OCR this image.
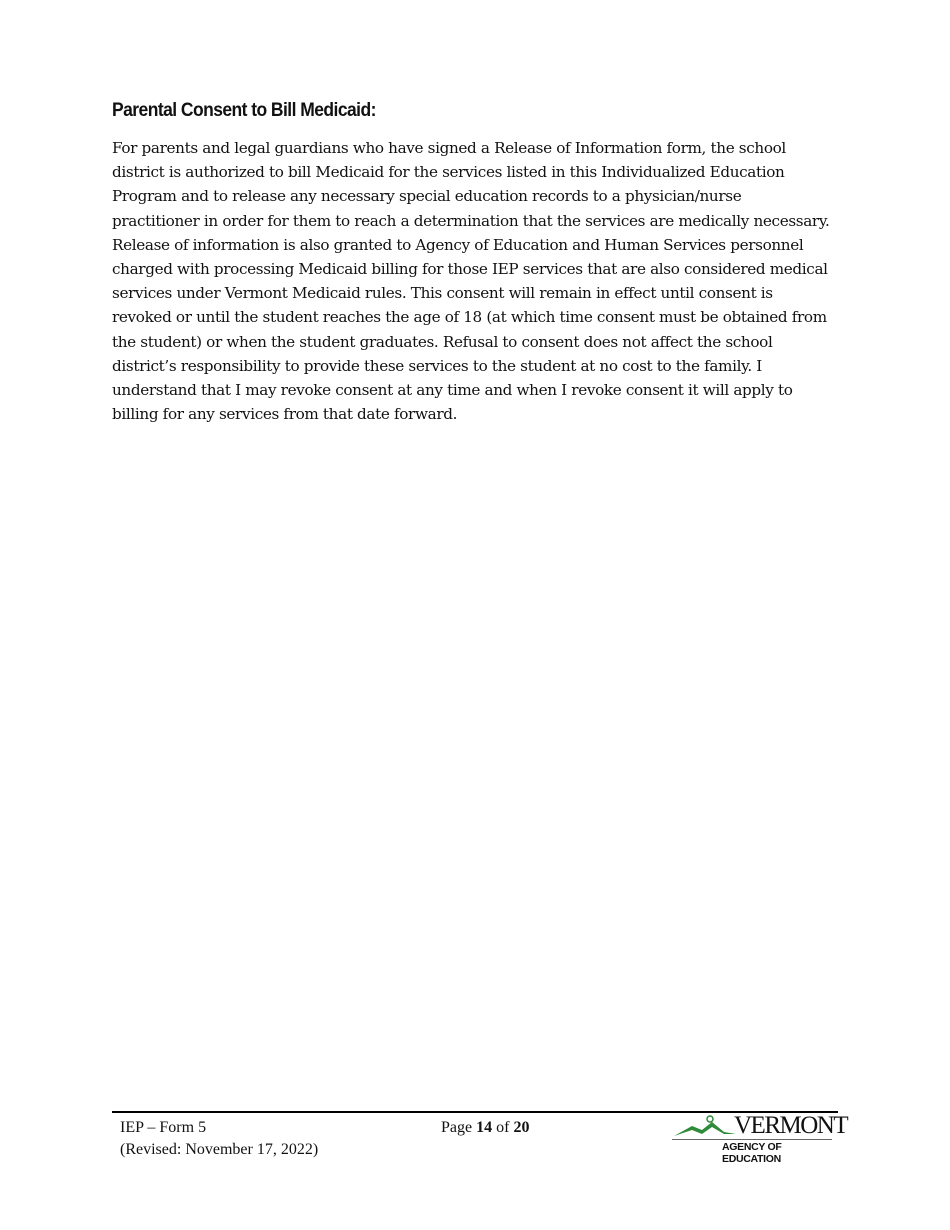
Parental Consent to Bill Medicaid:
For parents and legal guardians who have signed a Release of Information form, the school
district is authorized to bill Medicaid for the services listed in this Individualized Education
Program and to release any necessary special education records to a physician/nurse
practitioner in order for them to reach a determination that the services are medically necessary.
Release of information is also granted to Agency of Education and Human Services personnel
charged with processing Medicaid billing for those IEP services that are also considered medical
services under Vermont Medicaid rules. This consent will remain in effect until consent is
revoked or until the student reaches the age of 18 (at which time consent must be obtained from
the student) or when the student graduates. Refusal to consent does not affect the school
district’s responsibility to provide these services to the student at no cost to the family. I
understand that I may revoke consent at any time and when I revoke consent it will apply to
billing for any services from that date forward.
IEP – Form 5
(Revised: November 17, 2022)
Page 14 of 20	VERMONT
AGENCY OF EDUCATION
